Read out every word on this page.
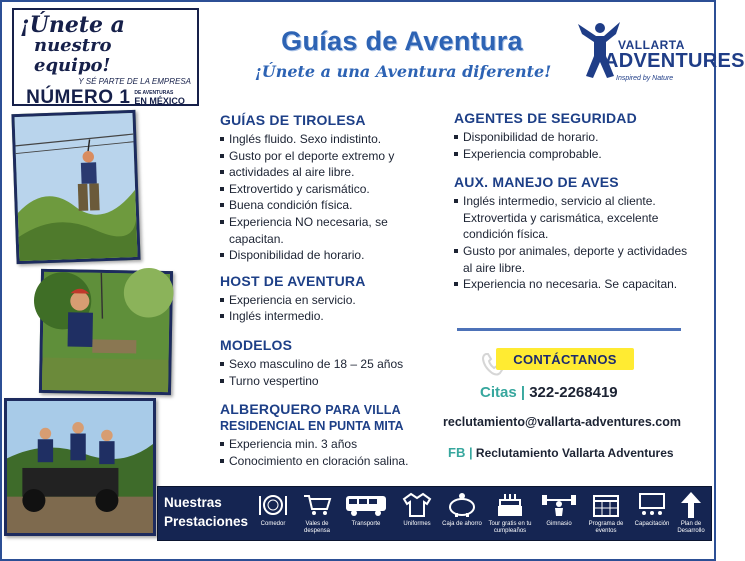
¡Únete a
nuestro equipo!
Y SÉ PARTE DE LA EMPRESA
NÚMERO 1 DE AVENTURAS
EN MÉXICO
Guías de Aventura
¡Únete a una Aventura diferente!
VALLARTA
ADVENTURES
Inspired by Nature
GUÍAS DE TIROLESA
Inglés fluido. Sexo indistinto.
Gusto por el deporte extremo y
actividades al aire libre.
Extrovertido y carismático.
Buena condición física.
Experiencia NO necesaria, se capacitan.
Disponibilidad de horario.
HOST DE AVENTURA
Experiencia en servicio.
Inglés intermedio.
MODELOS
Sexo masculino de 18 – 25 años
Turno vespertino
ALBERQUERO PARA VILLA
RESIDENCIAL EN PUNTA MITA
Experiencia min. 3 años
Conocimiento en cloración salina.
AGENTES DE SEGURIDAD
Disponibilidad de horario.
Experiencia comprobable.
AUX. MANEJO DE AVES
Inglés intermedio, servicio al cliente. Extrovertida y carismática, excelente condición física.
Gusto por animales, deporte y actividades al aire libre.
Experiencia no necesaria. Se capacitan.
CONTÁCTANOS
Citas | 322-2268419
reclutamiento@vallarta-adventures.com
FB | Reclutamiento Vallarta Adventures
Nuestras
Prestaciones	Comedor	Vales de despensa
Transporte	Uniformes	Caja de ahorro	Tour gratis en tu cumpleaños
Gimnasio	Programa de eventos
Capacitación	Plan de Desarrollo
